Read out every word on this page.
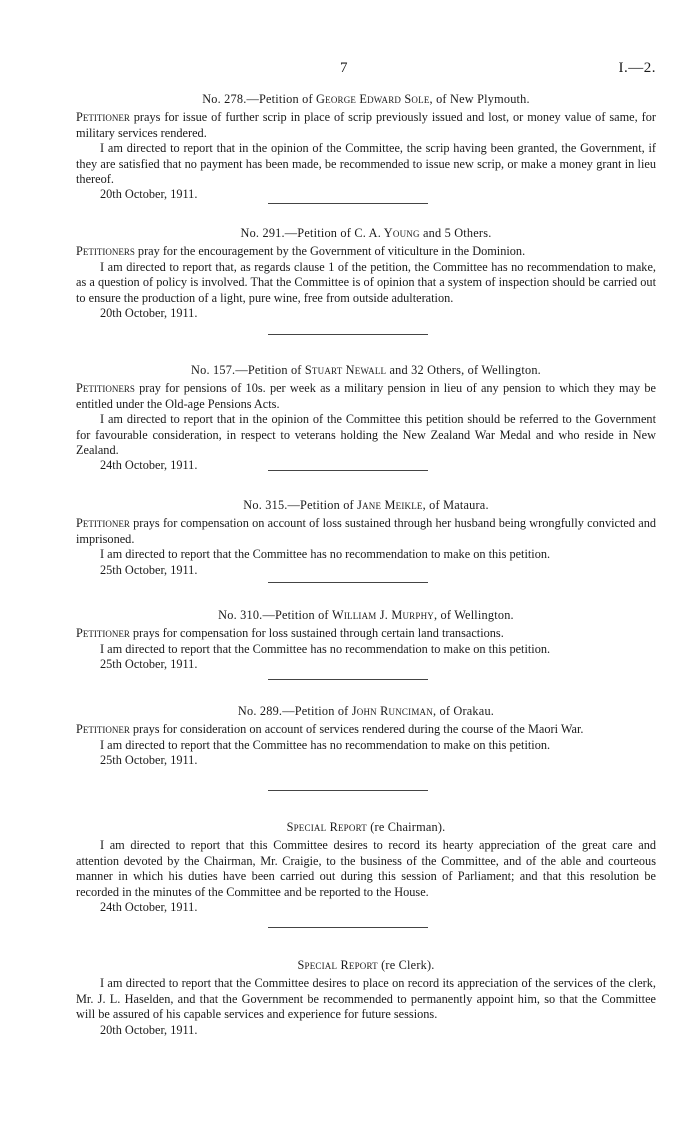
7	I.—2.
No. 278.—Petition of George Edward Sole, of New Plymouth.

Petitioner prays for issue of further scrip in place of scrip previously issued and lost, or money value of same, for military services rendered.

I am directed to report that in the opinion of the Committee, the scrip having been granted, the Government, if they are satisfied that no payment has been made, be recommended to issue new scrip, or make a money grant in lieu thereof.

20th October, 1911.
No. 291.—Petition of C. A. Young and 5 Others.

Petitioners pray for the encouragement by the Government of viticulture in the Dominion.

I am directed to report that, as regards clause 1 of the petition, the Committee has no recommendation to make, as a question of policy is involved. That the Committee is of opinion that a system of inspection should be carried out to ensure the production of a light, pure wine, free from outside adulteration.

20th October, 1911.
No. 157.—Petition of Stuart Newall and 32 Others, of Wellington.

Petitioners pray for pensions of 10s. per week as a military pension in lieu of any pension to which they may be entitled under the Old-age Pensions Acts.

I am directed to report that in the opinion of the Committee this petition should be referred to the Government for favourable consideration, in respect to veterans holding the New Zealand War Medal and who reside in New Zealand.

24th October, 1911.
No. 315.—Petition of Jane Meikle, of Mataura.

Petitioner prays for compensation on account of loss sustained through her husband being wrongfully convicted and imprisoned.

I am directed to report that the Committee has no recommendation to make on this petition.

25th October, 1911.
No. 310.—Petition of William J. Murphy, of Wellington.

Petitioner prays for compensation for loss sustained through certain land transactions.

I am directed to report that the Committee has no recommendation to make on this petition.

25th October, 1911.
No. 289.—Petition of John Runciman, of Orakau.

Petitioner prays for consideration on account of services rendered during the course of the Maori War.

I am directed to report that the Committee has no recommendation to make on this petition.

25th October, 1911.
Special Report (re Chairman).

I am directed to report that this Committee desires to record its hearty appreciation of the great care and attention devoted by the Chairman, Mr. Craigie, to the business of the Committee, and of the able and courteous manner in which his duties have been carried out during this session of Parliament; and that this resolution be recorded in the minutes of the Committee and be reported to the House.

24th October, 1911.
Special Report (re Clerk).

I am directed to report that the Committee desires to place on record its appreciation of the services of the clerk, Mr. J. L. Haselden, and that the Government be recommended to permanently appoint him, so that the Committee will be assured of his capable services and experience for future sessions.

20th October, 1911.
